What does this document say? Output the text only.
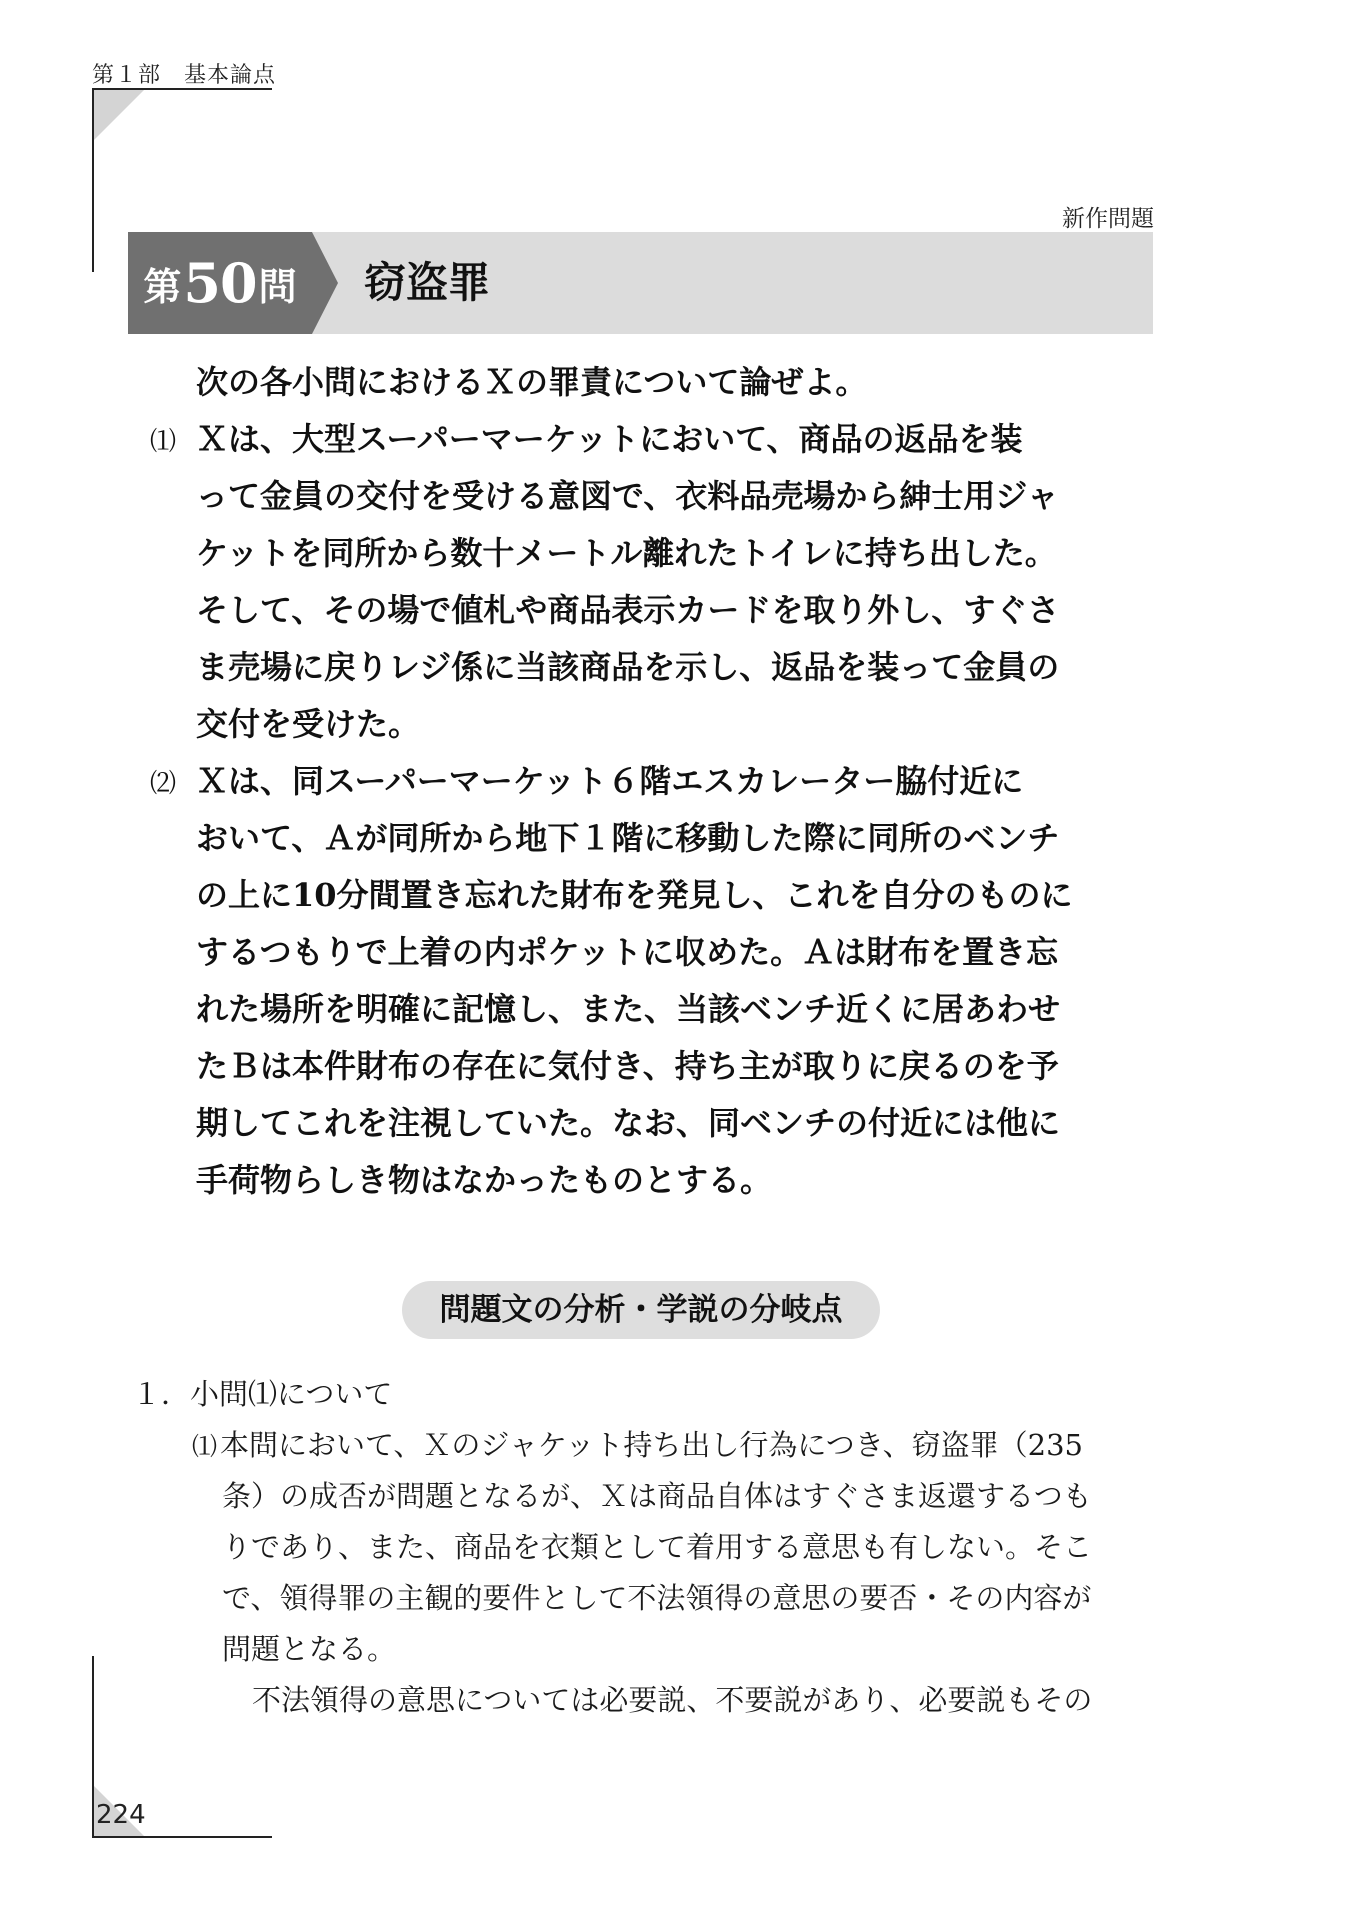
第１部　基本論点
新作問題
第 50 問 窃盗罪
次の各小問におけるＸの罪責について論ぜよ。
⑴ Ｘは、大型スーパーマーケットにおいて、商品の返品を装
って金員の交付を受ける意図で、衣料品売場から紳士用ジャ
ケットを同所から数十メートル離れたトイレに持ち出した。
そして、その場で値札や商品表示カードを取り外し、すぐさ
ま売場に戻りレジ係に当該商品を示し、返品を装って金員の
交付を受けた。
⑵ Ｘは、同スーパーマーケット６階エスカレーター脇付近に
おいて、Ａが同所から地下１階に移動した際に同所のベンチ
の上に10分間置き忘れた財布を発見し、これを自分のものに
するつもりで上着の内ポケットに収めた。Ａは財布を置き忘
れた場所を明確に記憶し、また、当該ベンチ近くに居あわせ
たＢは本件財布の存在に気付き、持ち主が取りに戻るのを予
期してこれを注視していた。なお、同ベンチの付近には他に
手荷物らしき物はなかったものとする。
問題文の分析・学説の分岐点
１．小問⑴について
⑴ 本問において、Ｘのジャケット持ち出し行為につき、窃盗罪（235
条）の成否が問題となるが、Ｘは商品自体はすぐさま返還するつも
りであり、また、商品を衣類として着用する意思も有しない。そこ
で、領得罪の主観的要件として不法領得の意思の要否・その内容が
問題となる。
不法領得の意思については必要説、不要説があり、必要説もその
224
